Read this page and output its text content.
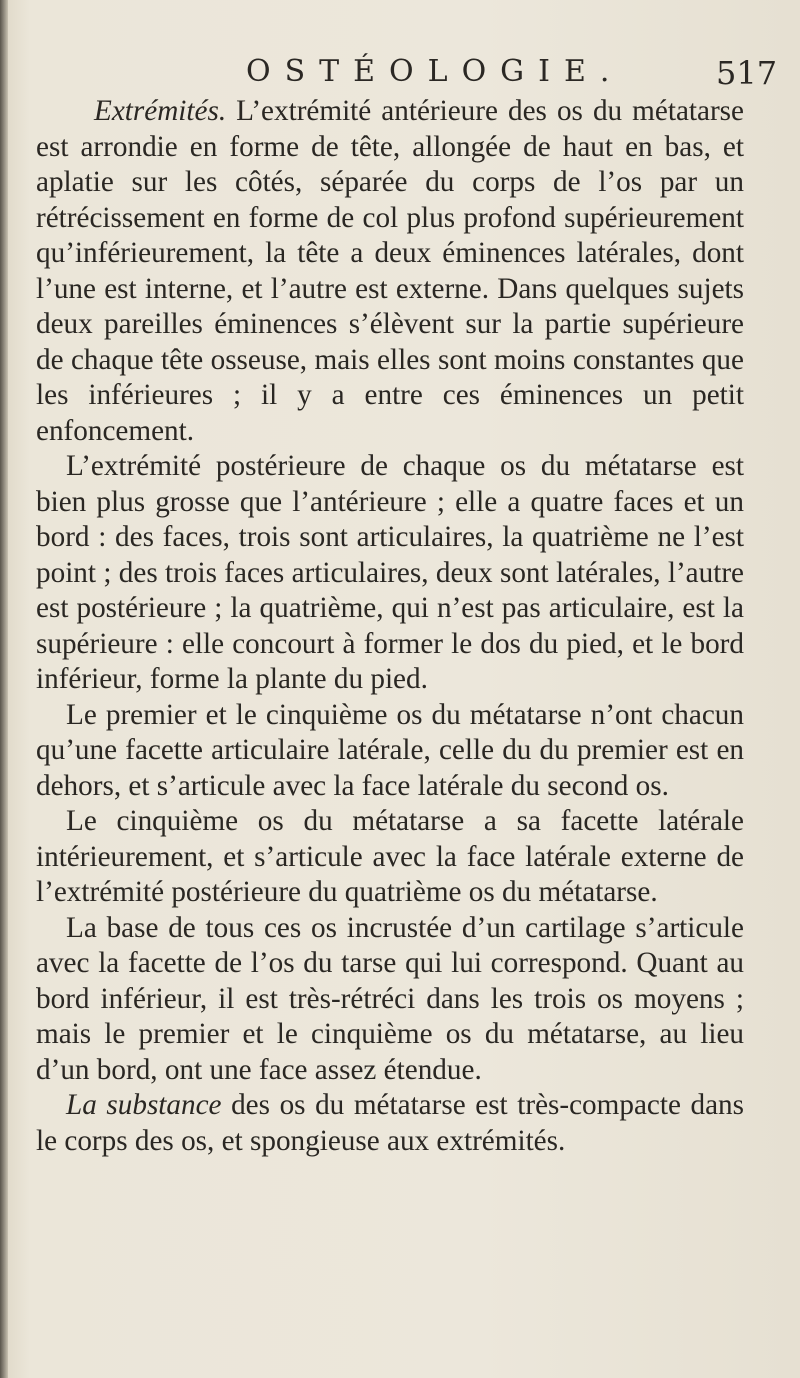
OSTÉOLOGIE.	517

Extrémités. L’extrémité antérieure des os du métatarse est arrondie en forme de tête, allongée de haut en bas, et aplatie sur les côtés, séparée du corps de l’os par un rétrécissement en forme de col plus profond supérieurement qu’inférieurement, la tête a deux éminences latérales, dont l’une est interne, et l’autre est externe. Dans quelques sujets deux pareilles éminences s’élèvent sur la partie supérieure de chaque tête osseuse, mais elles sont moins constantes que les inférieures ; il y a entre ces éminences un petit enfoncement.

L’extrémité postérieure de chaque os du métatarse est bien plus grosse que l’antérieure ; elle a quatre faces et un bord : des faces, trois sont articulaires, la quatrième ne l’est point ; des trois faces articulaires, deux sont latérales, l’autre est postérieure ; la quatrième, qui n’est pas articulaire, est la supérieure : elle concourt à former le dos du pied, et le bord inférieur, forme la plante du pied.

Le premier et le cinquième os du métatarse n’ont chacun qu’une facette articulaire latérale, celle du du premier est en dehors, et s’articule avec la face latérale du second os.

Le cinquième os du métatarse a sa facette latérale intérieurement, et s’articule avec la face latérale externe de l’extrémité postérieure du quatrième os du métatarse.

La base de tous ces os incrustée d’un cartilage s’articule avec la facette de l’os du tarse qui lui correspond. Quant au bord inférieur, il est très-rétréci dans les trois os moyens ; mais le premier et le cinquième os du métatarse, au lieu d’un bord, ont une face assez étendue.

La substance des os du métatarse est très-compacte dans le corps des os, et spongieuse aux extrémités.
